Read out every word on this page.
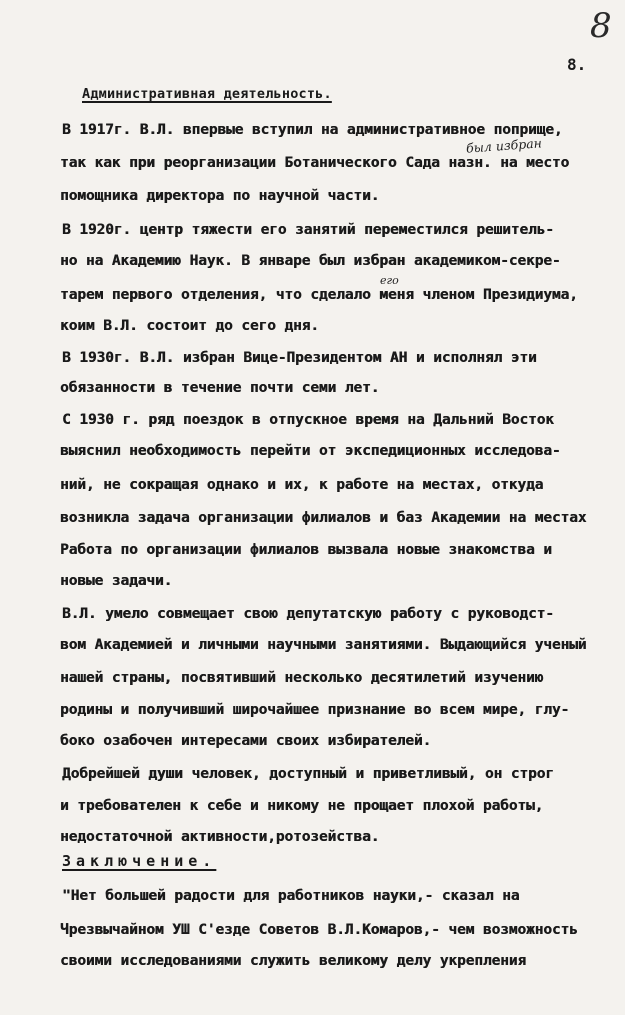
8
8.
Административная деятельность.
был избран
его
В 1917г. В.Л. впервые вступил на административное поприще,
так как при реорганизации Ботанического Сада назн. на место
помощника директора по научной части.
В 1920г. центр тяжести его занятий переместился решитель-
но на Академию Наук. В январе был избран академиком-секре-
тарем первого отделения, что сделало меня членом Президиума,
коим В.Л. состоит до сего дня.
В 1930г. В.Л. избран Вице-Президентом АН и исполнял эти
обязанности в течение почти семи лет.
С 1930 г. ряд поездок в отпускное время на Дальний Восток
выяснил необходимость перейти от экспедиционных исследова-
ний, не сокращая однако и их, к работе на местах, откуда
возникла задача организации филиалов и баз Академии на местах
Работа по организации филиалов вызвала новые знакомства и
новые задачи.
В.Л. умело совмещает свою депутатскую работу с руководст-
вом Академией и личными научными занятиями. Выдающийся ученый
нашей страны, посвятивший несколько десятилетий изучению
родины и получивший широчайшее признание во всем мире, глу-
боко озабочен интересами своих избирателей.
Добрейшей души человек, доступный и приветливый, он строг
и требователен к себе и никому не прощает плохой работы,
недостаточной активности,ротозейства.
Заключение.
"Нет большей радости для работников науки,- сказал на
Чрезвычайном УШ С'езде Советов В.Л.Комаров,- чем возможность
своими исследованиями служить великому делу укрепления
